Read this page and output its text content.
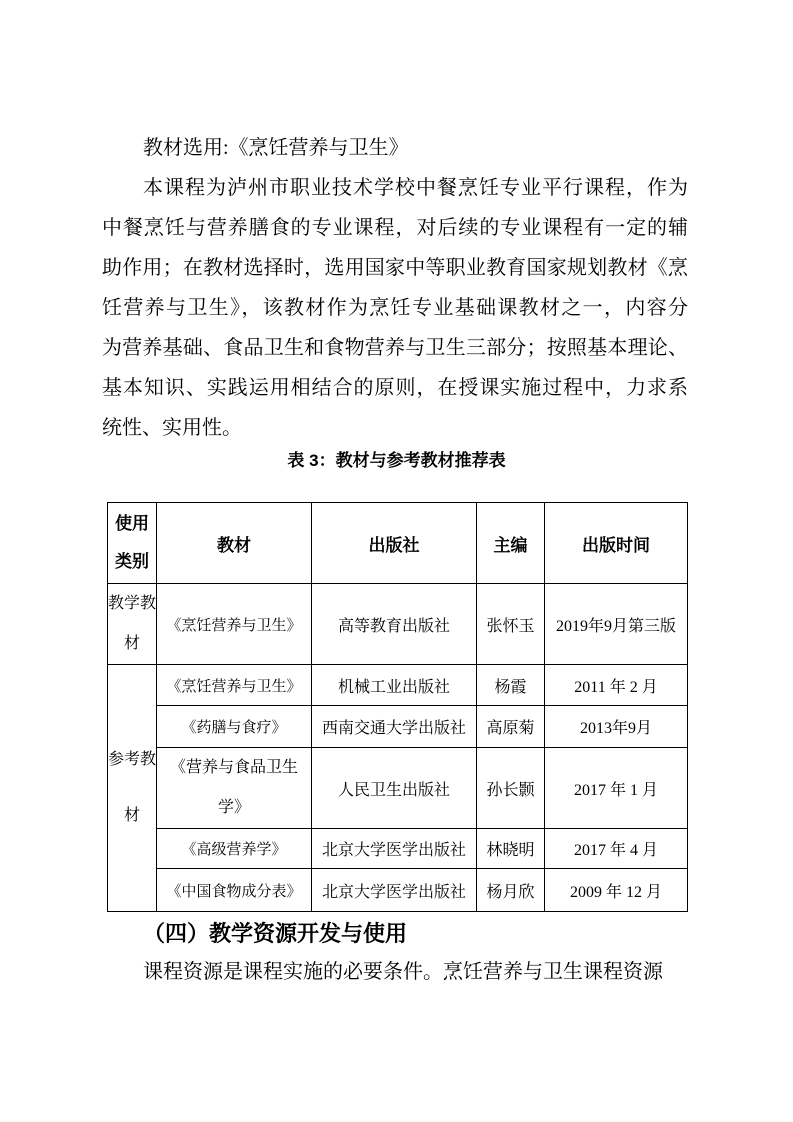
教材选用:《烹饪营养与卫生》

本课程为泸州市职业技术学校中餐烹饪专业平行课程，作为

中餐烹饪与营养膳食的专业课程，对后续的专业课程有一定的辅

助作用；在教材选择时，选用国家中等职业教育国家规划教材《烹

饪营养与卫生》，该教材作为烹饪专业基础课教材之一，内容分

为营养基础、食品卫生和食物营养与卫生三部分；按照基本理论、

基本知识、实践运用相结合的原则，在授课实施过程中，力求系

统性、实用性。

表 3：教材与参考教材推荐表

使用类别	教材	出版社	主编	出版时间
教学教材	《烹饪营养与卫生》	高等教育出版社	张怀玉	2019年9月第三版
参考教材	《烹饪营养与卫生》	机械工业出版社	杨霞	2011 年 2 月
	《药膳与食疗》	西南交通大学出版社	高原菊	2013年9月
	《营养与食品卫生学》	人民卫生出版社	孙长颢	2017 年 1 月
	《高级营养学》	北京大学医学出版社	林晓明	2017 年 4 月
	《中国食物成分表》	北京大学医学出版社	杨月欣	2009 年 12 月
（四）教学资源开发与使用

课程资源是课程实施的必要条件。烹饪营养与卫生课程资源
